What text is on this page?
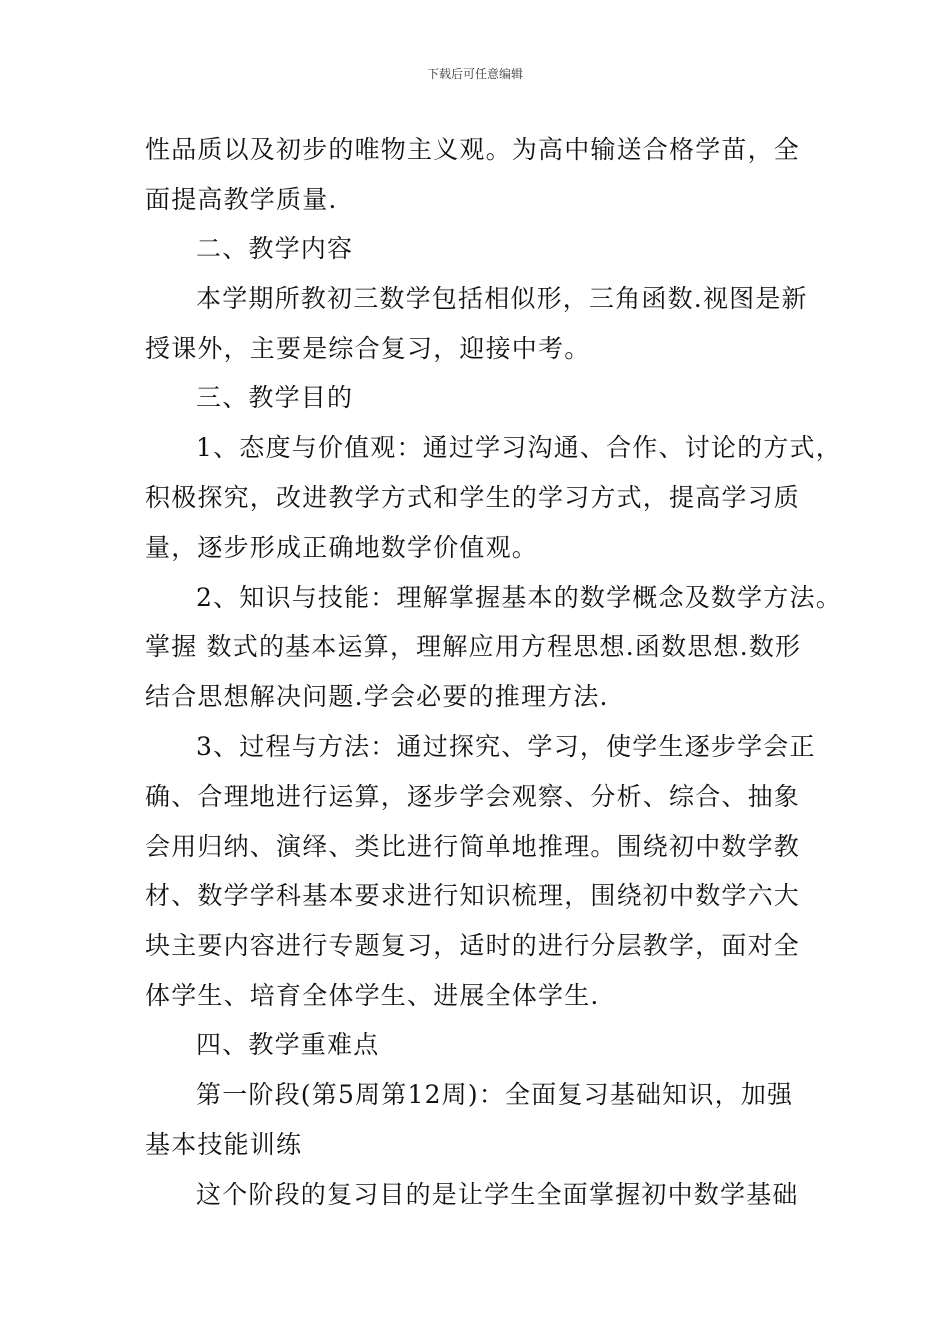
下载后可任意编辑
性品质以及初步的唯物主义观。为高中输送合格学苗，全
面提高教学质量.
二、教学内容
本学期所教初三数学包括相似形，三角函数.视图是新
授课外，主要是综合复习，迎接中考。
三、教学目的
1、态度与价值观：通过学习沟通、合作、讨论的方式，
积极探究，改进教学方式和学生的学习方式，提高学习质
量，逐步形成正确地数学价值观。
2、知识与技能：理解掌握基本的数学概念及数学方法。
掌握 数式的基本运算，理解应用方程思想.函数思想.数形
结合思想解决问题.学会必要的推理方法.
3、过程与方法：通过探究、学习，使学生逐步学会正
确、合理地进行运算，逐步学会观察、分析、综合、抽象
会用归纳、演绎、类比进行简单地推理。围绕初中数学教
材、数学学科基本要求进行知识梳理，围绕初中数学六大
块主要内容进行专题复习，适时的进行分层教学，面对全
体学生、培育全体学生、进展全体学生.
四、教学重难点
第一阶段(第5周第12周)：全面复习基础知识，加强
基本技能训练
这个阶段的复习目的是让学生全面掌握初中数学基础
